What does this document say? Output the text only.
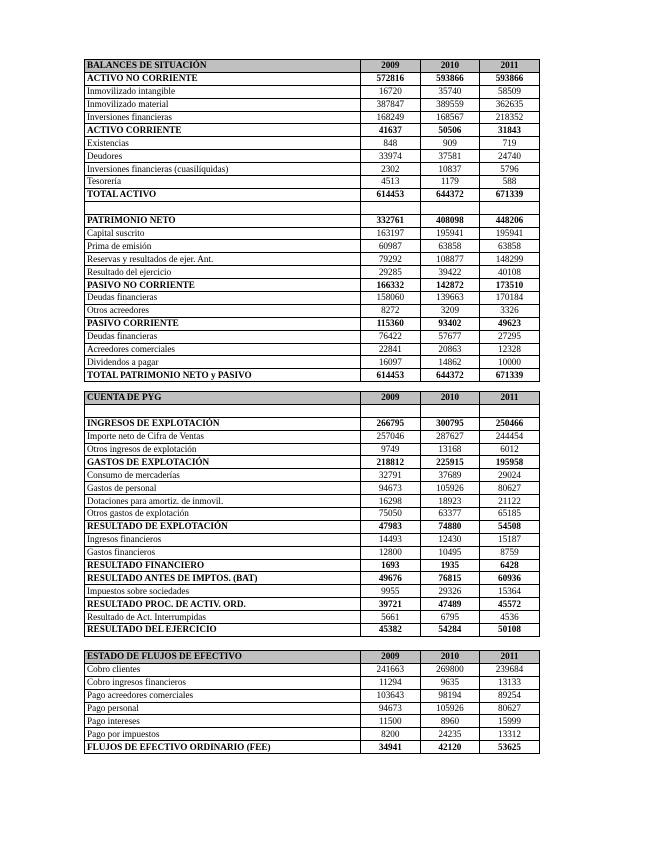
BALANCES DE SITUACIÓN	2009	2010	2011
ACTIVO NO CORRIENTE	572816	593866	593866
Inmovilizado intangible	16720	35740	58509
Inmovilizado material	387847	389559	362635
Inversiones financieras	168249	168567	218352
ACTIVO CORRIENTE	41637	50506	31843
Existencias	848	909	719
Deudores	33974	37581	24740
Inversiones financieras (cuasilíquidas)	2302	10837	5796
Tesorería	4513	1179	588
TOTAL ACTIVO	614453	644372	671339

PATRIMONIO NETO	332761	408098	448206
Capital suscrito	163197	195941	195941
Prima de emisión	60987	63858	63858
Reservas y resultados de ejer. Ant.	79292	108877	148299
Resultado del ejercicio	29285	39422	40108
PASIVO NO CORRIENTE	166332	142872	173510
Deudas financieras	158060	139663	170184
Otros acreedores	8272	3209	3326
PASIVO CORRIENTE	115360	93402	49623
Deudas financieras	76422	57677	27295
Acreedores comerciales	22841	20863	12328
Dividendos a pagar	16097	14862	10000
TOTAL PATRIMONIO NETO y PASIVO	614453	644372	671339
CUENTA DE PYG	2009	2010	2011

INGRESOS DE EXPLOTACIÓN	266795	300795	250466
Importe neto de Cifra de Ventas	257046	287627	244454
Otros ingresos de explotación	9749	13168	6012
GASTOS DE EXPLOTACIÓN	218812	225915	195958
Consumo de mercaderías	32791	37689	29024
Gastos de personal	94673	105926	80627
Dotaciones para amortiz. de inmovil.	16298	18923	21122
Otros gastos de explotación	75050	63377	65185
RESULTADO DE EXPLOTACIÓN	47983	74880	54508
Ingresos financieros	14493	12430	15187
Gastos financieros	12800	10495	8759
RESULTADO FINANCIERO	1693	1935	6428
RESULTADO ANTES DE IMPTOS. (BAT)	49676	76815	60936
Impuestos sobre sociedades	9955	29326	15364
RESULTADO PROC. DE ACTIV. ORD.	39721	47489	45572
Resultado de Act. Interrumpidas	5661	6795	4536
RESULTADO DEL EJERCICIO	45382	54284	50108
ESTADO DE FLUJOS DE EFECTIVO	2009	2010	2011
Cobro clientes	241663	269800	239684
Cobro ingresos financieros	11294	9635	13133
Pago acreedores comerciales	103643	98194	89254
Pago personal	94673	105926	80627
Pago intereses	11500	8960	15999
Pago por impuestos	8200	24235	13312
FLUJOS DE EFECTIVO ORDINARIO (FEE)	34941	42120	53625
